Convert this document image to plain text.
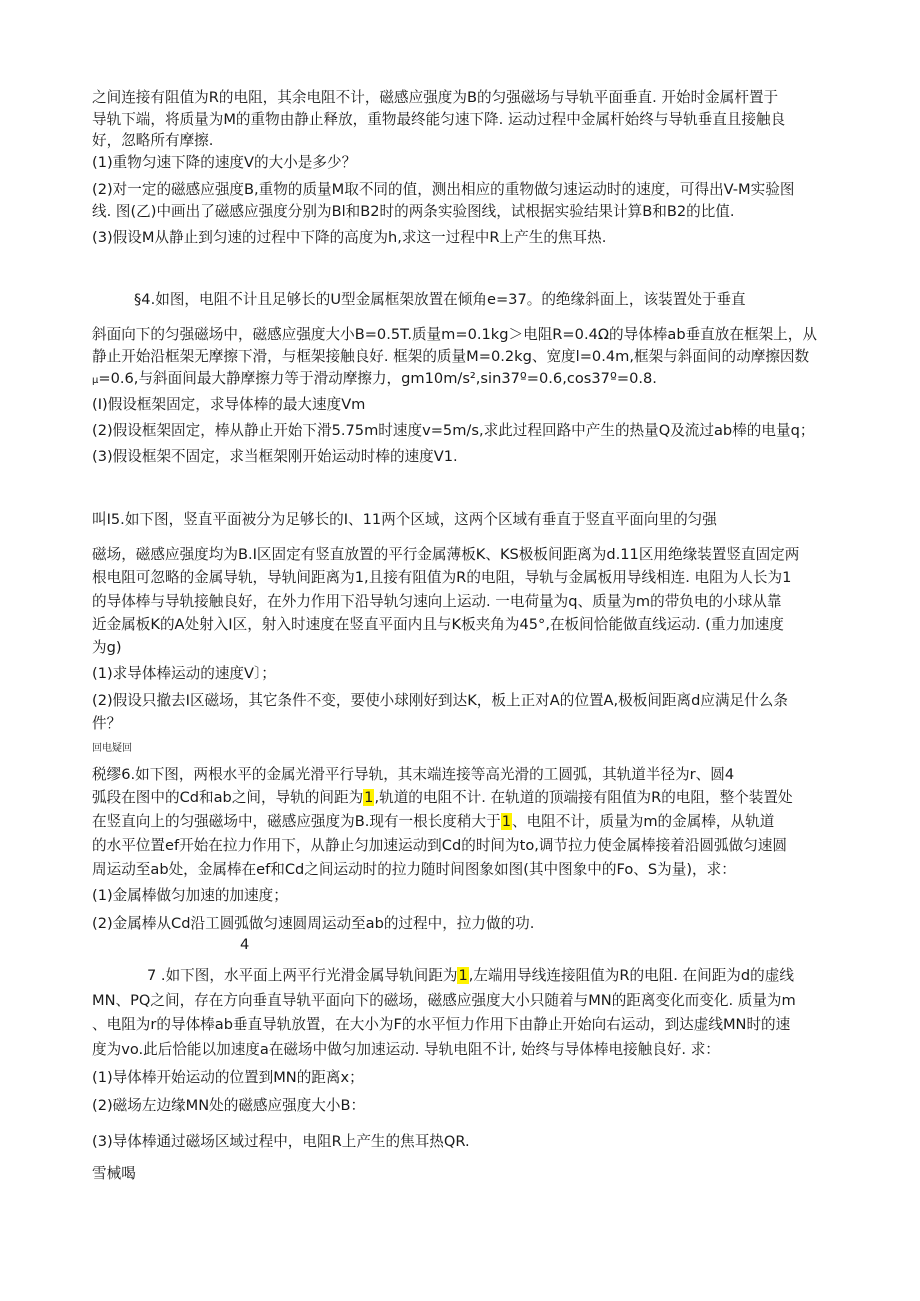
之间连接有阻值为R的电阻，其余电阻不计，磁感应强度为B的匀强磁场与导轨平面垂直. 开始时金属杆置于
导轨下端，将质量为M的重物由静止释放，重物最终能匀速下降. 运动过程中金属杆始终与导轨垂直且接触良
好，忽略所有摩擦.
(1)重物匀速下降的速度V的大小是多少？
(2)对一定的磁感应强度B,重物的质量M取不同的值，测出相应的重物做匀速运动时的速度，可得出V-M实验图
线. 图(乙)中画出了磁感应强度分别为Bl和B2时的两条实验图线，试根据实验结果计算B和B2的比值.
(3)假设M从静止到匀速的过程中下降的高度为h,求这一过程中R上产生的焦耳热.
§4.如图，电阻不计且足够长的U型金属框架放置在倾角e=37。的绝缘斜面上，该装置处于垂直
斜面向下的匀强磁场中，磁感应强度大小B=0.5T.质量m=0.1kg＞电阻R=0.4Ω的导体棒ab垂直放在框架上，从
静止开始沿框架无摩擦下滑，与框架接触良好. 框架的质量M=0.2kg、宽度l=0.4m,框架与斜面间的动摩擦因数
μ=0.6,与斜面间最大静摩擦力等于滑动摩擦力，gm10m∕s²,sin37º=0.6,cos37º=0.8.
(I)假设框架固定，求导体棒的最大速度Vm
(2)假设框架固定，棒从静止开始下滑5.75m时速度v=5m∕s,求此过程回路中产生的热量Q及流过ab棒的电量q；
(3)假设框架不固定，求当框架刚开始运动时棒的速度V1.
叫I5.如下图，竖直平面被分为足够长的I、11两个区域，这两个区域有垂直于竖直平面向里的匀强
磁场，磁感应强度均为B.I区固定有竖直放置的平行金属薄板K、KS极板间距离为d.11区用绝缘装置竖直固定两
根电阻可忽略的金属导轨，导轨间距离为1,且接有阻值为R的电阻，导轨与金属板用导线相连. 电阻为人长为1
的导体棒与导轨接触良好，在外力作用下沿导轨匀速向上运动. 一电荷量为q、质量为m的带负电的小球从靠
近金属板K的A处射入I区，射入时速度在竖直平面内且与K板夹角为45°,在板间恰能做直线运动. (重力加速度
为g)
(1)求导体棒运动的速度V〕；
(2)假设只撤去I区磁场，其它条件不变，要使小球刚好到达K，板上正对A的位置A,极板间距离d应满足什么条
件？
回电疑回
税缪6.如下图，两根水平的金属光滑平行导轨，其末端连接等高光滑的工圆弧，其轨道半径为r、圆4
弧段在图中的Cd和ab之间，导轨的间距为1,轨道的电阻不计. 在轨道的顶端接有阻值为R的电阻，整个装置处
在竖直向上的匀强磁场中，磁感应强度为B.现有一根长度稍大于1、电阻不计，质量为m的金属棒，从轨道
的水平位置ef开始在拉力作用下，从静止匀加速运动到Cd的时间为to,调节拉力使金属棒接着沿圆弧做匀速圆
周运动至ab处，金属棒在ef和Cd之间运动时的拉力随时间图象如图(其中图象中的Fo、S为量)，求：
(1)金属棒做匀加速的加速度；
(2)金属棒从Cd沿工圆弧做匀速圆周运动至ab的过程中，拉力做的功.
4
7 .如下图，水平面上两平行光滑金属导轨间距为1,左端用导线连接阻值为R的电阻. 在间距为d的虚线
MN、PQ之间，存在方向垂直导轨平面向下的磁场，磁感应强度大小只随着与MN的距离变化而变化. 质量为m
、电阻为r的导体棒ab垂直导轨放置，在大小为F的水平恒力作用下由静止开始向右运动，到达虚线MN时的速
度为vo.此后恰能以加速度a在磁场中做匀加速运动. 导轨电阻不计, 始终与导体棒电接触良好. 求：
(1)导体棒开始运动的位置到MN的距离x；
(2)磁场左边缘MN处的磁感应强度大小B：
(3)导体棒通过磁场区域过程中，电阻R上产生的焦耳热QR.
雪械喝
